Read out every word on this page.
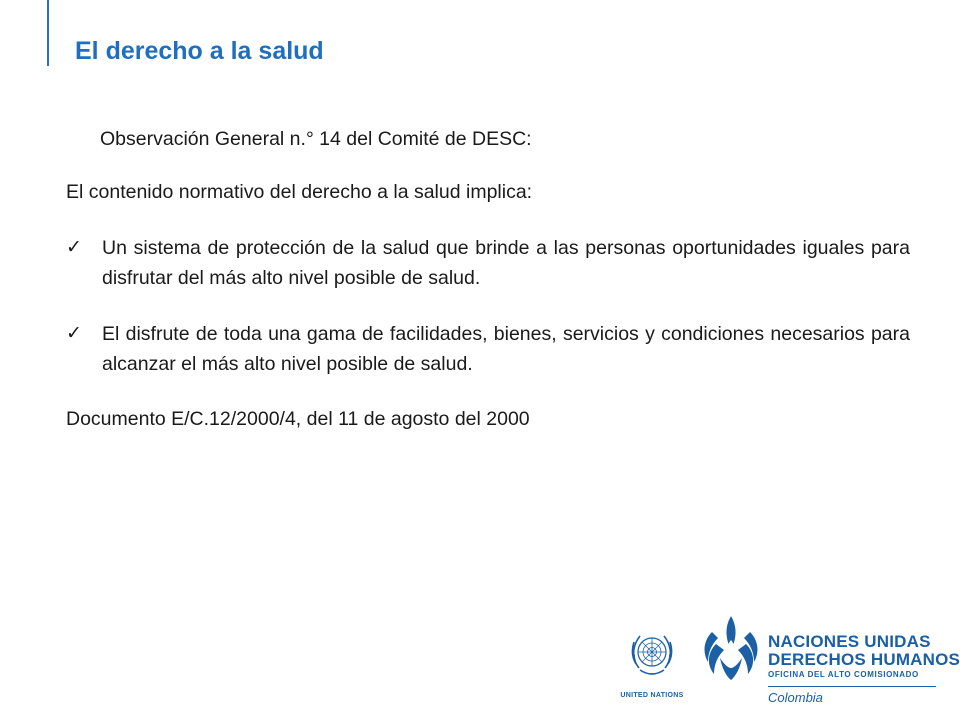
El derecho a la salud

Observación General n.° 14 del Comité de DESC:

El contenido normativo del derecho a la salud implica:

✓	Un sistema de protección de la salud que brinde a las personas oportunidades iguales para disfrutar del más alto nivel posible de salud.
✓	El disfrute de toda una gama de facilidades, bienes, servicios y condiciones necesarios para alcanzar el más alto nivel posible de salud.

Documento E/C.12/2000/4, del 11 de agosto del 2000

UNITED NATIONS
NACIONES UNIDAS
DERECHOS HUMANOS
OFICINA DEL ALTO COMISIONADO
Colombia
